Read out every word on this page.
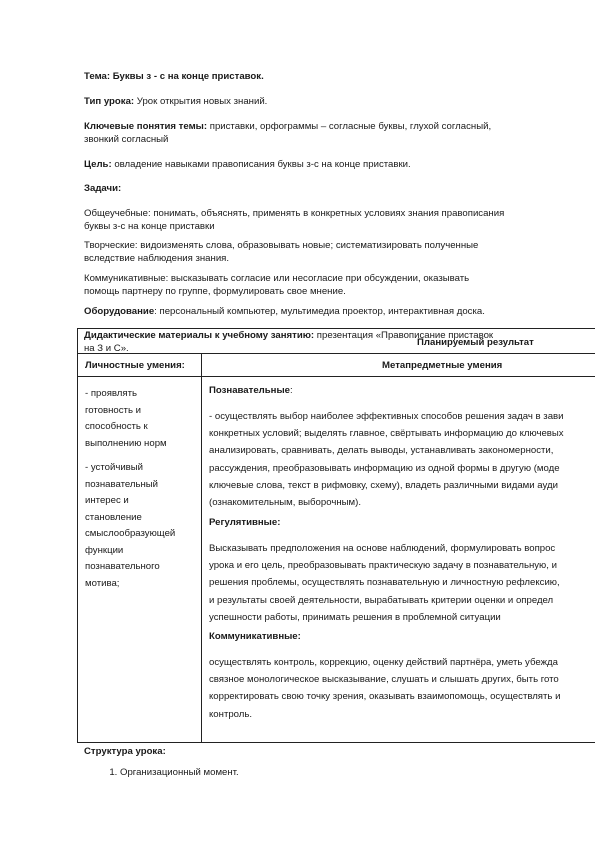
Тема: Буквы з - с на конце приставок.

Тип урока: Урок открытия новых знаний.

Ключевые понятия темы: приставки, орфограммы – согласные буквы, глухой согласный,
звонкий согласный

Цель: овладение навыками правописания буквы з-с на конце приставки.

Задачи:

Общеучебные: понимать, объяснять, применять в конкретных условиях знания правописания
буквы з-с на конце приставки

Творческие: видоизменять слова, образовывать новые; систематизировать полученные
вследствие наблюдения знания.

Коммуникативные: высказывать согласие или несогласие при обсуждении, оказывать
помощь партнеру по группе, формулировать свое мнение.

Оборудование: персональный компьютер, мультимедиа проектор, интерактивная доска.

Дидактические материалы к учебному занятию: презентация «Правописание приставок
на З и С».

Планируемый результат

Личностные умения:	Метапредметные умения

- проявлять
готовность и
способность к
выполнению норм

- устойчивый
познавательный
интерес и
становление
смыслообразующей
функции
познавательного
мотива;

Познавательные:

- осуществлять выбор наиболее эффективных способов решения задач в зави
конкретных условий; выделять главное, свёртывать информацию до ключевых
анализировать, сравнивать, делать выводы, устанавливать закономерности,
рассуждения, преобразовывать информацию из одной формы в другую (моде
ключевые слова, текст в рифмовку, схему), владеть различными видами ауди
(ознакомительным, выборочным).

Регулятивные:

Высказывать предположения на основе наблюдений, формулировать вопрос
урока и его цель, преобразовывать практическую задачу в познавательную, и
решения проблемы, осуществлять познавательную и личностную рефлексию,
и результаты своей деятельности, вырабатывать критерии оценки и определ
успешности работы, принимать решения в проблемной ситуации

Коммуникативные:

осуществлять контроль, коррекцию, оценку действий партнёра, уметь убежда
связное монологическое высказывание, слушать и слышать других, быть гото
корректировать свою точку зрения, оказывать взаимопомощь, осуществлять и
контроль.

Структура урока:

1. Организационный момент.
